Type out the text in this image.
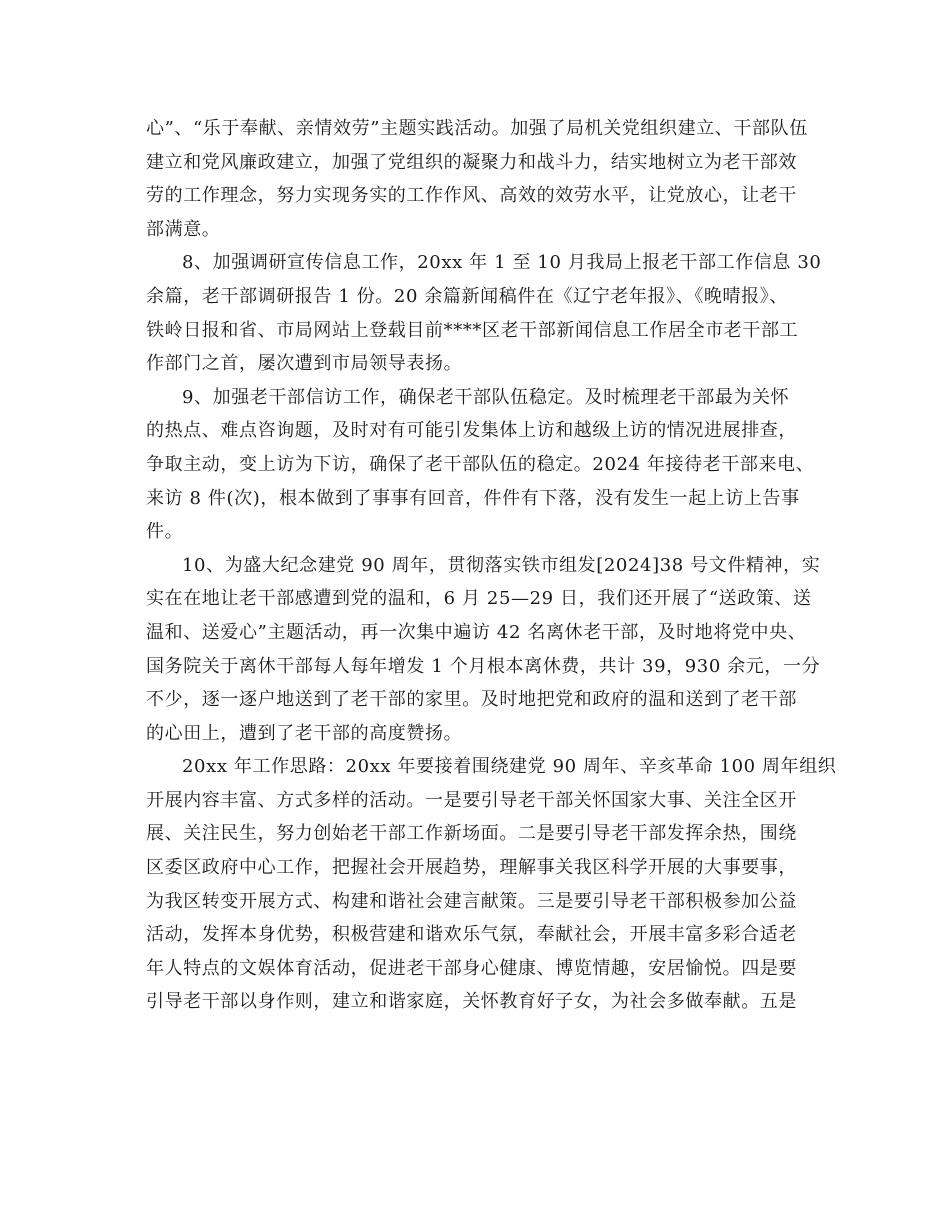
心”、“乐于奉献、亲情效劳”主题实践活动。加强了局机关党组织建立、干部队伍
建立和党风廉政建立，加强了党组织的凝聚力和战斗力，结实地树立为老干部效
劳的工作理念，努力实现务实的工作作风、高效的效劳水平，让党放心，让老干
部满意。
8、加强调研宣传信息工作，20xx 年 1 至 10 月我局上报老干部工作信息 30
余篇，老干部调研报告 1 份。20 余篇新闻稿件在《辽宁老年报》、《晚晴报》、
铁岭日报和省、市局网站上登载目前****区老干部新闻信息工作居全市老干部工
作部门之首，屡次遭到市局领导表扬。
9、加强老干部信访工作，确保老干部队伍稳定。及时梳理老干部最为关怀
的热点、难点咨询题，及时对有可能引发集体上访和越级上访的情况进展排查，
争取主动，变上访为下访，确保了老干部队伍的稳定。2024 年接待老干部来电、
来访 8 件(次)，根本做到了事事有回音，件件有下落，没有发生一起上访上告事
件。
10、为盛大纪念建党 90 周年，贯彻落实铁市组发[2024]38 号文件精神，实
实在在地让老干部感遭到党的温和，6 月 25—29 日，我们还开展了“送政策、送
温和、送爱心”主题活动，再一次集中遍访 42 名离休老干部，及时地将党中央、
国务院关于离休干部每人每年增发 1 个月根本离休费，共计 39，930 余元，一分
不少，逐一逐户地送到了老干部的家里。及时地把党和政府的温和送到了老干部
的心田上，遭到了老干部的高度赞扬。
20xx 年工作思路：20xx 年要接着围绕建党 90 周年、辛亥革命 100 周年组织
开展内容丰富、方式多样的活动。一是要引导老干部关怀国家大事、关注全区开
展、关注民生，努力创始老干部工作新场面。二是要引导老干部发挥余热，围绕
区委区政府中心工作，把握社会开展趋势，理解事关我区科学开展的大事要事，
为我区转变开展方式、构建和谐社会建言献策。三是要引导老干部积极参加公益
活动，发挥本身优势，积极营建和谐欢乐气氛，奉献社会，开展丰富多彩合适老
年人特点的文娱体育活动，促进老干部身心健康、博览情趣，安居愉悦。四是要
引导老干部以身作则，建立和谐家庭，关怀教育好子女，为社会多做奉献。五是
